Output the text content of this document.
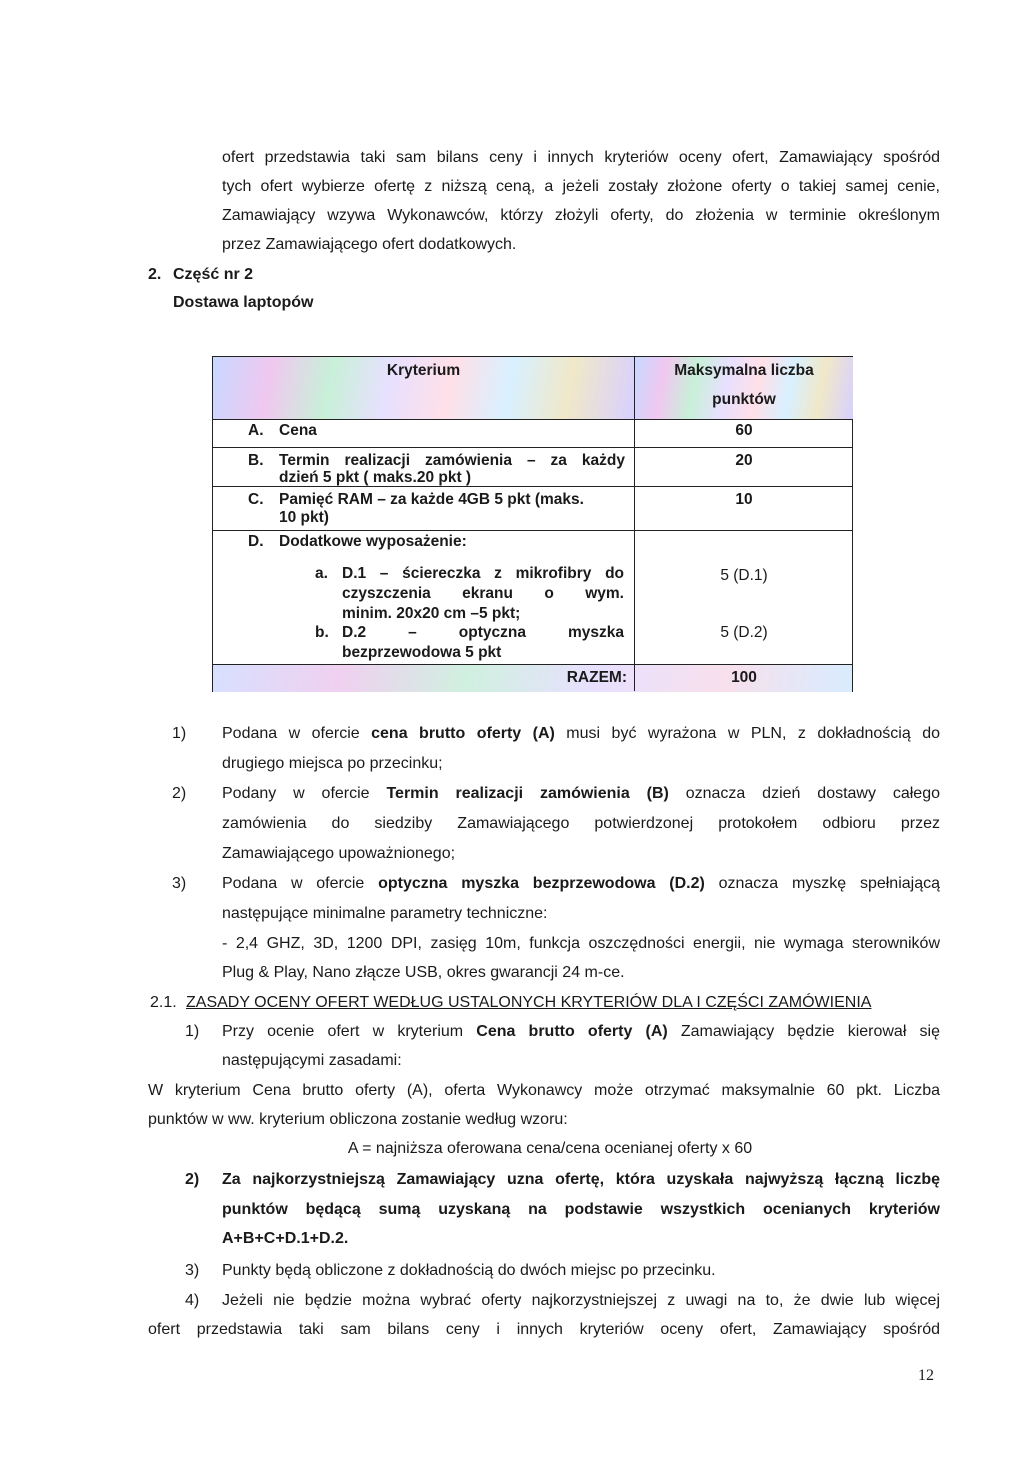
ofert przedstawia taki sam bilans ceny i innych kryteriów oceny ofert, Zamawiający spośród
tych ofert wybierze ofertę z niższą ceną, a jeżeli zostały złożone oferty o takiej samej cenie,
Zamawiający wzywa Wykonawców, którzy złożyli oferty, do złożenia w terminie określonym
przez Zamawiającego ofert dodatkowych.
2. Część nr 2
Dostawa laptopów
Kryterium	Maksymalna liczba
punktów
A. Cena	60
B. Termin realizacji zamówienia – za każdy
dzień 5 pkt ( maks.20 pkt )
20
C. Pamięć RAM – za każde 4GB 5 pkt (maks.
10 pkt)
10
D. Dodatkowe wyposażenie:
a. D.1 – ściereczka z mikrofibry do
czyszczenia ekranu o wym.
minim. 20x20 cm –5 pkt;
5 (D.1)
b. D.2 – optyczna myszka
bezprzewodowa 5 pkt
5 (D.2)
RAZEM:	100
1) Podana w ofercie cena brutto oferty (A) musi być wyrażona w PLN, z dokładnością do
drugiego miejsca po przecinku;
2) Podany w ofercie Termin realizacji zamówienia (B) oznacza dzień dostawy całego
zamówienia do siedziby Zamawiającego potwierdzonej protokołem odbioru przez
Zamawiającego upoważnionego;
3) Podana w ofercie optyczna myszka bezprzewodowa (D.2) oznacza myszkę spełniającą
następujące minimalne parametry techniczne:
- 2,4 GHZ, 3D, 1200 DPI, zasięg 10m, funkcja oszczędności energii, nie wymaga sterowników
Plug & Play, Nano złącze USB, okres gwarancji 24 m-ce.
2.1. ZASADY OCENY OFERT WEDŁUG USTALONYCH KRYTERIÓW DLA I CZĘŚCI ZAMÓWIENIA
1) Przy ocenie ofert w kryterium Cena brutto oferty (A) Zamawiający będzie kierował się
następującymi zasadami:
W kryterium Cena brutto oferty (A), oferta Wykonawcy może otrzymać maksymalnie 60 pkt. Liczba
punktów w ww. kryterium obliczona zostanie według wzoru:
A = najniższa oferowana cena/cena ocenianej oferty x 60
2) Za najkorzystniejszą Zamawiający uzna ofertę, która uzyskała najwyższą łączną liczbę
punktów będącą sumą uzyskaną na podstawie wszystkich ocenianych kryteriów
A+B+C+D.1+D.2.
3) Punkty będą obliczone z dokładnością do dwóch miejsc po przecinku.
4) Jeżeli nie będzie można wybrać oferty najkorzystniejszej z uwagi na to, że dwie lub więcej
ofert przedstawia taki sam bilans ceny i innych kryteriów oceny ofert, Zamawiający spośród
12
